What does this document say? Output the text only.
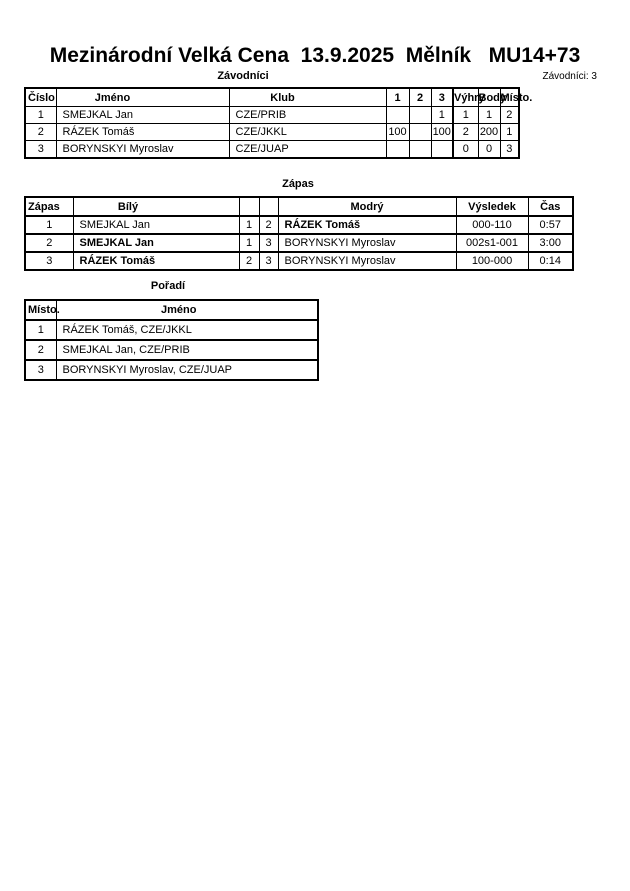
Mezinárodní Velká Cena  13.9.2025  Mělník   MU14+73
Závodníci	Závodníci: 3
Číslo	Jméno	Klub	1	2	3	Výhry	Body	Místo.
1	SMEJKAL Jan	CZE/PRIB			1	1	1	2
2	RÁZEK Tomáš	CZE/JKKL	100		100	2	200	1
3	BORYNSKYI Myroslav	CZE/JUAP				0	0	3
Zápas
Zápas	Bílý			Modrý	Výsledek	Čas
1	SMEJKAL Jan	1	2	RÁZEK Tomáš	000-110	0:57
2	SMEJKAL Jan	1	3	BORYNSKYI Myroslav	002s1-001	3:00
3	RÁZEK Tomáš	2	3	BORYNSKYI Myroslav	100-000	0:14
Pořadí
Místo.	Jméno
1	RÁZEK Tomáš, CZE/JKKL
2	SMEJKAL Jan, CZE/PRIB
3	BORYNSKYI Myroslav, CZE/JUAP
